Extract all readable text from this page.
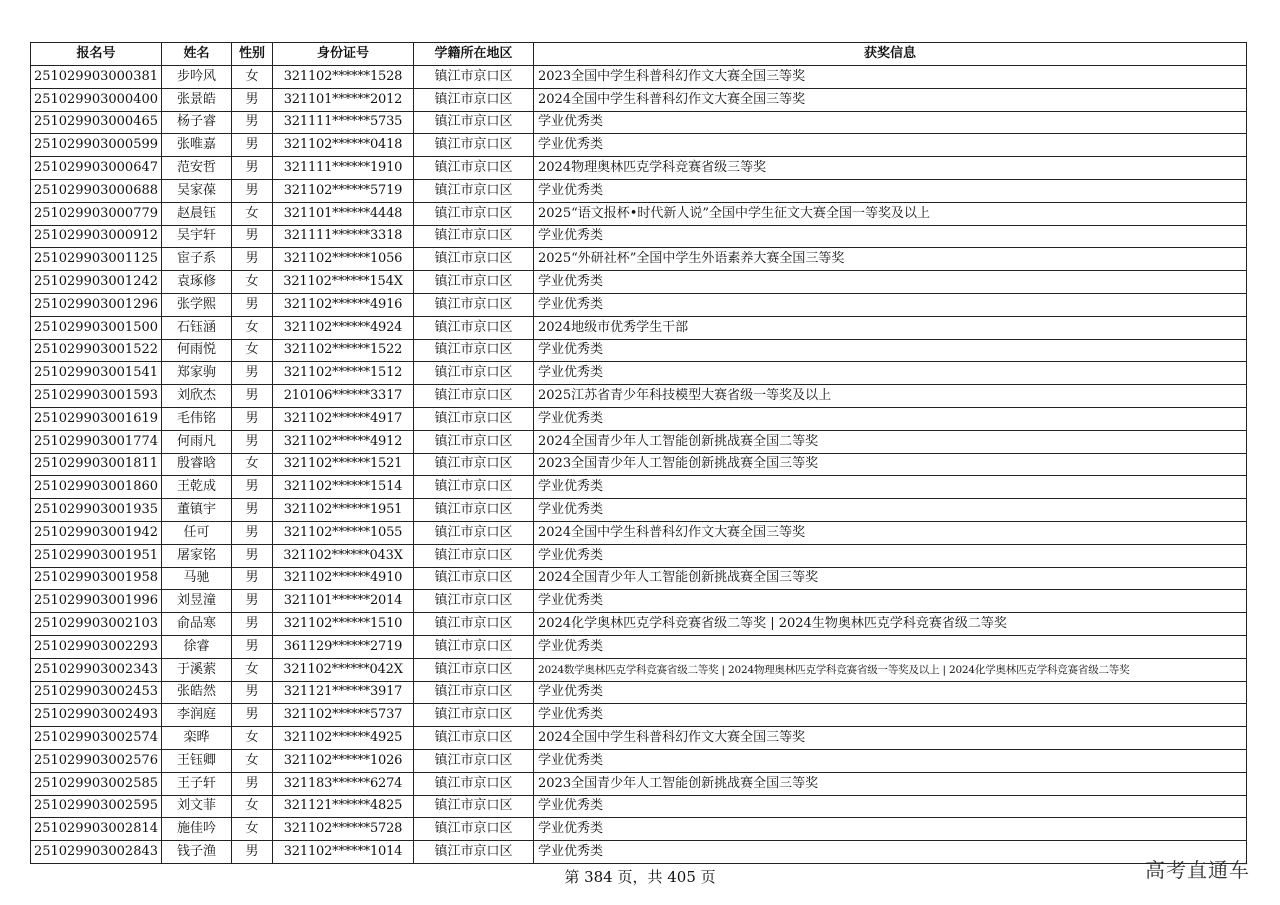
报名号	姓名	性别	身份证号	学籍所在地区	获奖信息
251029903000381	步吟风	女	321102******1528	镇江市京口区	2023全国中学生科普科幻作文大赛全国三等奖
251029903000400	张景皓	男	321101******2012	镇江市京口区	2024全国中学生科普科幻作文大赛全国三等奖
251029903000465	杨子睿	男	321111******5735	镇江市京口区	学业优秀类
251029903000599	张唯嘉	男	321102******0418	镇江市京口区	学业优秀类
251029903000647	范安哲	男	321111******1910	镇江市京口区	2024物理奥林匹克学科竞赛省级三等奖
251029903000688	吴家葆	男	321102******5719	镇江市京口区	学业优秀类
251029903000779	赵晨钰	女	321101******4448	镇江市京口区	2025“语文报杯•时代新人说”全国中学生征文大赛全国一等奖及以上
251029903000912	吴宇轩	男	321111******3318	镇江市京口区	学业优秀类
251029903001125	宦子系	男	321102******1056	镇江市京口区	2025“外研社杯”全国中学生外语素养大赛全国三等奖
251029903001242	袁琢修	女	321102******154X	镇江市京口区	学业优秀类
251029903001296	张学熙	男	321102******4916	镇江市京口区	学业优秀类
251029903001500	石钰涵	女	321102******4924	镇江市京口区	2024地级市优秀学生干部
251029903001522	何雨悦	女	321102******1522	镇江市京口区	学业优秀类
251029903001541	郑家驹	男	321102******1512	镇江市京口区	学业优秀类
251029903001593	刘欣杰	男	210106******3317	镇江市京口区	2025江苏省青少年科技模型大赛省级一等奖及以上
251029903001619	毛伟铭	男	321102******4917	镇江市京口区	学业优秀类
251029903001774	何雨凡	男	321102******4912	镇江市京口区	2024全国青少年人工智能创新挑战赛全国二等奖
251029903001811	殷睿晗	女	321102******1521	镇江市京口区	2023全国青少年人工智能创新挑战赛全国三等奖
251029903001860	王乾成	男	321102******1514	镇江市京口区	学业优秀类
251029903001935	董镇宇	男	321102******1951	镇江市京口区	学业优秀类
251029903001942	任可	男	321102******1055	镇江市京口区	2024全国中学生科普科幻作文大赛全国三等奖
251029903001951	屠家铭	男	321102******043X	镇江市京口区	学业优秀类
251029903001958	马驰	男	321102******4910	镇江市京口区	2024全国青少年人工智能创新挑战赛全国三等奖
251029903001996	刘昱潼	男	321101******2014	镇江市京口区	学业优秀类
251029903002103	俞品寒	男	321102******1510	镇江市京口区	2024化学奥林匹克学科竞赛省级二等奖 | 2024生物奥林匹克学科竞赛省级二等奖
251029903002293	徐睿	男	361129******2719	镇江市京口区	学业优秀类
251029903002343	于溪萦	女	321102******042X	镇江市京口区	2024数学奥林匹克学科竞赛省级二等奖 | 2024物理奥林匹克学科竞赛省级一等奖及以上 | 2024化学奥林匹克学科竞赛省级二等奖
251029903002453	张皓然	男	321121******3917	镇江市京口区	学业优秀类
251029903002493	李润庭	男	321102******5737	镇江市京口区	学业优秀类
251029903002574	栾晔	女	321102******4925	镇江市京口区	2024全国中学生科普科幻作文大赛全国三等奖
251029903002576	王钰卿	女	321102******1026	镇江市京口区	学业优秀类
251029903002585	王子轩	男	321183******6274	镇江市京口区	2023全国青少年人工智能创新挑战赛全国三等奖
251029903002595	刘文菲	女	321121******4825	镇江市京口区	学业优秀类
251029903002814	施佳吟	女	321102******5728	镇江市京口区	学业优秀类
251029903002843	钱子渔	男	321102******1014	镇江市京口区	学业优秀类
第 384 页，共 405 页	高考直通车
